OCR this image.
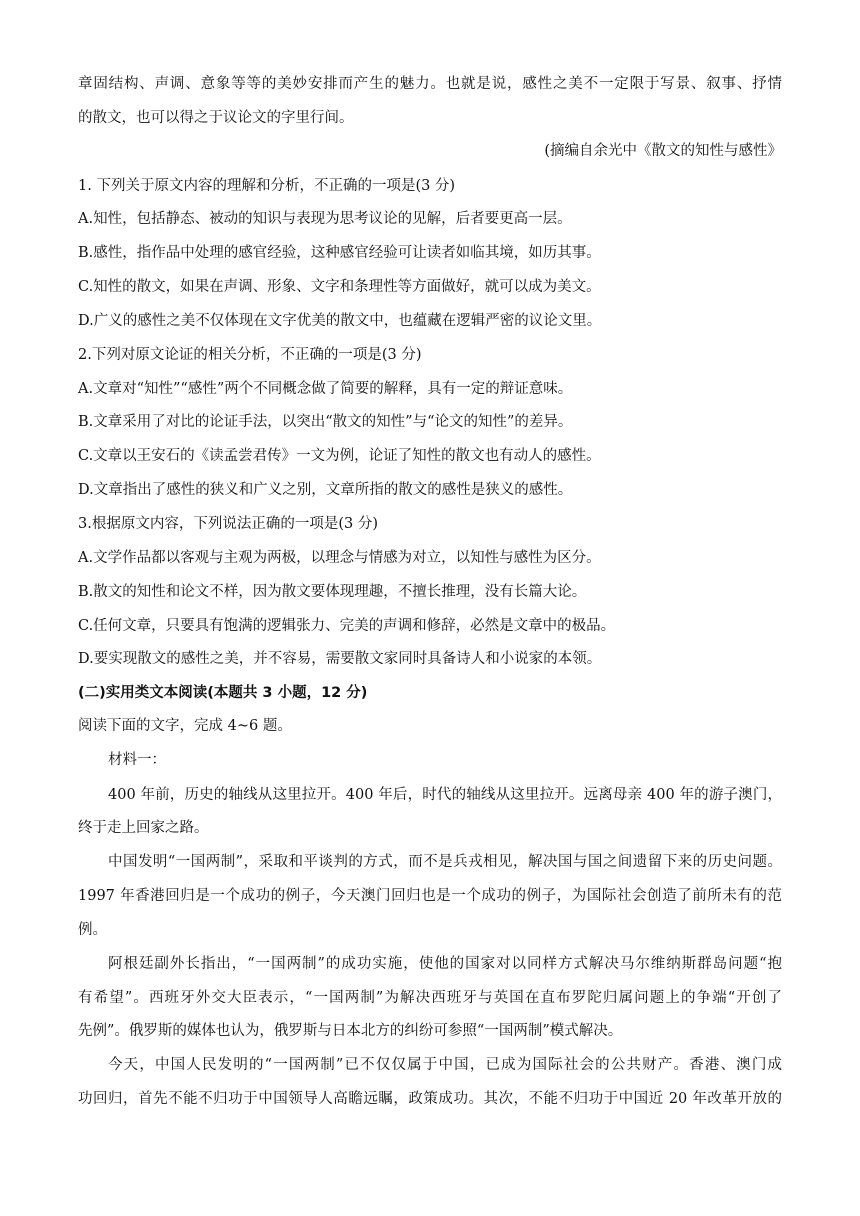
章固结构、声调、意象等等的美妙安排而产生的魅力。也就是说，感性之美不一定限于写景、叙事、抒情
的散文，也可以得之于议论文的字里行间。
(摘编自余光中《散文的知性与感性》
1. 下列关于原文内容的理解和分析，不正确的一项是(3 分)
A.知性，包括静态、被动的知识与表现为思考议论的见解，后者要更高一层。
B.感性，指作品中处理的感官经验，这种感官经验可让读者如临其境，如历其事。
C.知性的散文，如果在声调、形象、文字和条理性等方面做好，就可以成为美文。
D.广义的感性之美不仅体现在文字优美的散文中，也蕴藏在逻辑严密的议论文里。
2.下列对原文论证的相关分析，不正确的一项是(3 分)
A.文章对“知性”“感性”两个不同概念做了简要的解释，具有一定的辩证意味。
B.文章采用了对比的论证手法，以突出“散文的知性”与“论文的知性”的差异。
C.文章以王安石的《读孟尝君传》一文为例，论证了知性的散文也有动人的感性。
D.文章指出了感性的狭义和广义之别，文章所指的散文的感性是狭义的感性。
3.根据原文内容，下列说法正确的一项是(3 分)
A.文学作品都以客观与主观为两极，以理念与情感为对立，以知性与感性为区分。
B.散文的知性和论文不样，因为散文要体现理趣，不擅长推理，没有长篇大论。
C.任何文章，只要具有饱满的逻辑张力、完美的声调和修辞，必然是文章中的极品。
D.要实现散文的感性之美，并不容易，需要散文家同时具备诗人和小说家的本领。
(二)实用类文本阅读(本题共 3 小题，12 分)
阅读下面的文字，完成 4~6 题。
材料一：
400 年前，历史的轴线从这里拉开。400 年后，时代的轴线从这里拉开。远离母亲 400 年的游子澳门，
终于走上回家之路。
中国发明“一国两制”，采取和平谈判的方式，而不是兵戎相见，解决国与国之间遗留下来的历史问题。
1997 年香港回归是一个成功的例子，今天澳门回归也是一个成功的例子，为国际社会创造了前所未有的范
例。
阿根廷副外长指出，“一国两制”的成功实施，使他的国家对以同样方式解决马尔维纳斯群岛问题“抱
有希望”。西班牙外交大臣表示，“一国两制”为解决西班牙与英国在直布罗陀归属问题上的争端“开创了
先例”。俄罗斯的媒体也认为，俄罗斯与日本北方的纠纷可参照“一国两制”模式解决。
今天，中国人民发明的“一国两制”已不仅仅属于中国，已成为国际社会的公共财产。香港、澳门成
功回归，首先不能不归功于中国领导人高瞻远瞩，政策成功。其次，不能不归功于中国近 20 年改革开放的
